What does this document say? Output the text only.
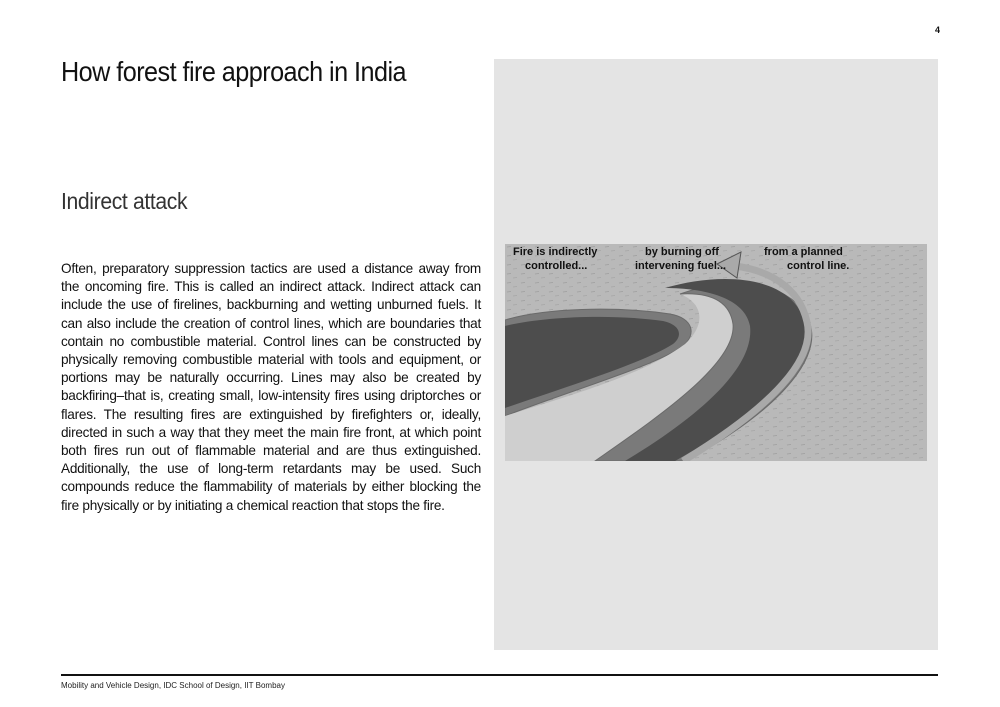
4
How forest fire approach in India
Indirect attack

Often, preparatory suppression tactics are used a distance away from the oncoming fire. This is called an indirect attack. Indirect attack can include the use of firelines, backburning and wetting unburned fuels. It can also include the creation of control lines, which are boundaries that contain no combustible material. Control lines can be constructed by physically removing combustible material with tools and equipment, or portions may be naturally occurring. Lines may also be created by backfiring–that is, creating small, low-intensity fires using driptorches or flares. The resulting fires are extinguished by firefighters or, ideally, directed in such a way that they meet the main fire front, at which point both fires run out of flammable material and are thus extinguished. Additionally, the use of long-term retardants may be used. Such compounds reduce the flammability of materials by either blocking the fire physically or by initiating a chemical reaction that stops the fire.

Fire is indirectly
controlled...
by burning off
intervening fuel...
from a planned
control line.
Mobility and Vehicle Design, IDC School of Design, IIT Bombay
